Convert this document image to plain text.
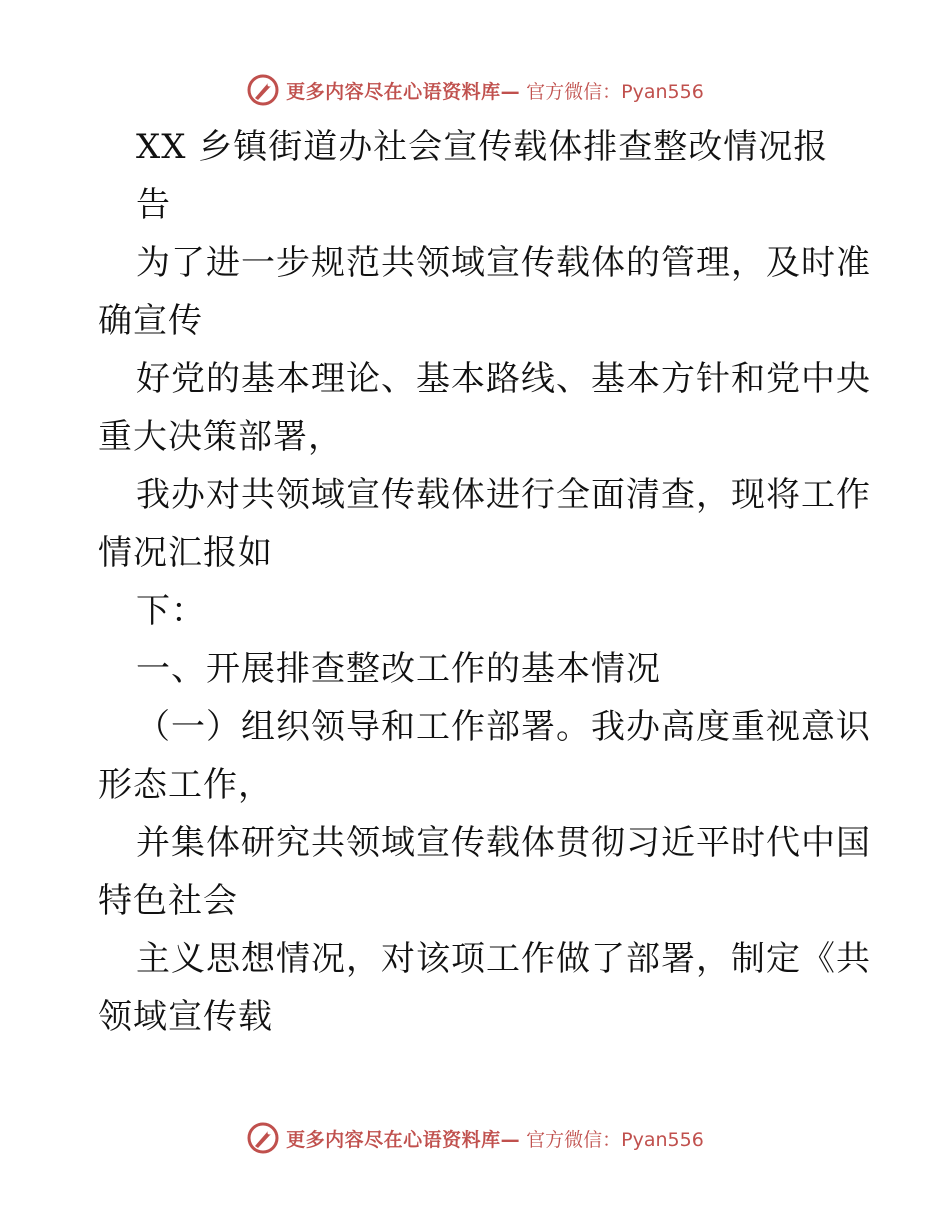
更多内容尽在心语资料库— 官方微信：Pyan556
XX 乡镇街道办社会宣传载体排查整改情况报
告
为了进一步规范共领域宣传载体的管理，及时准
确宣传
好党的基本理论、基本路线、基本方针和党中央
重大决策部署，
我办对共领域宣传载体进行全面清查，现将工作
情况汇报如
下：
一、开展排查整改工作的基本情况
（一）组织领导和工作部署。我办高度重视意识
形态工作，
并集体研究共领域宣传载体贯彻习近平时代中国
特色社会
主义思想情况，对该项工作做了部署，制定《共
领域宣传载
更多内容尽在心语资料库— 官方微信：Pyan556
